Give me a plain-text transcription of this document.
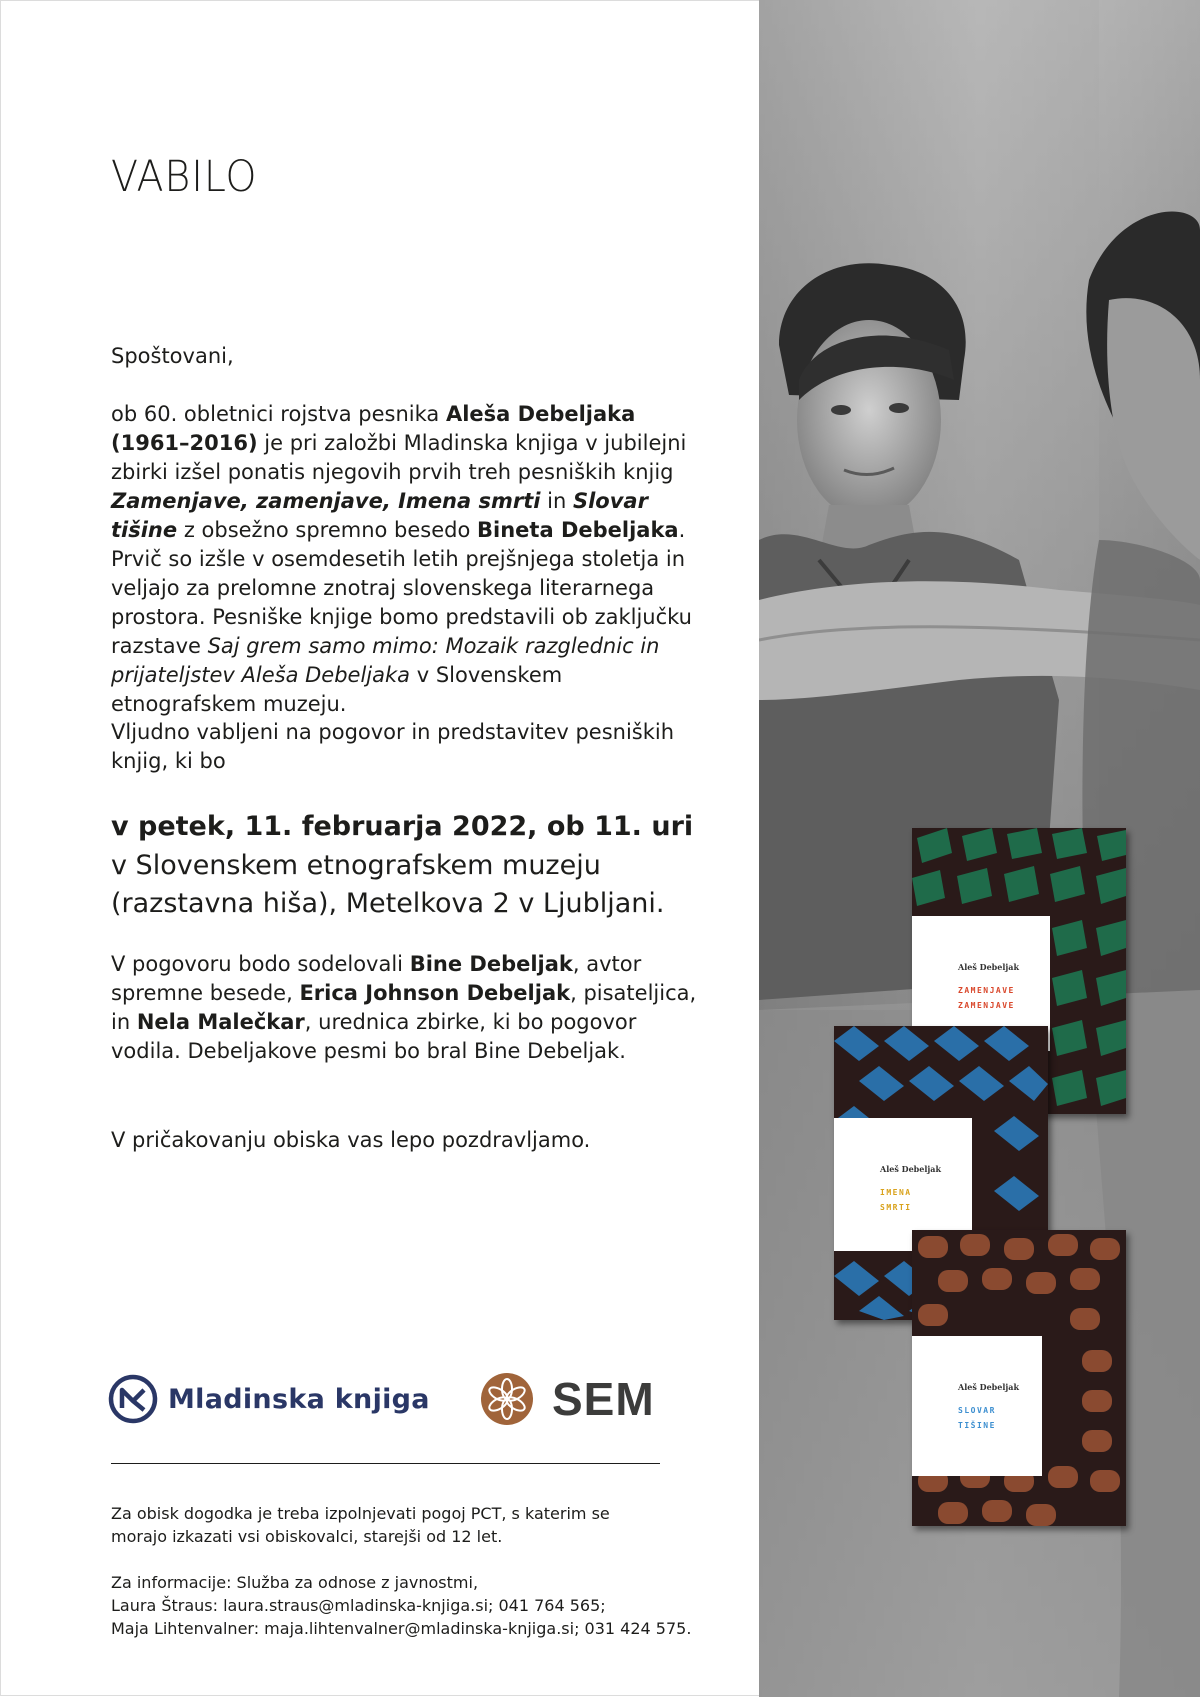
VABILO
Spoštovani,
ob 60. obletnici rojstva pesnika Aleša Debeljaka
(1961–2016) je pri založbi Mladinska knjiga v jubilejni zbirki izšel ponatis njegovih prvih treh pesniških knjig Zamenjave, zamenjave, Imena smrti in Slovar tišine z obsežno spremno besedo Bineta Debeljaka. Prvič so izšle v osemdesetih letih prejšnjega stoletja in veljajo za prelomne znotraj slovenskega literarnega prostora. Pesniške knjige bomo predstavili ob zaključku razstave Saj grem samo mimo: Mozaik razglednic in prijateljstev Aleša Debeljaka v Slovenskem etnografskem muzeju.
Vljudno vabljeni na pogovor in predstavitev pesniških knjig, ki bo
v petek, 11. februarja 2022, ob 11. uri
v Slovenskem etnografskem muzeju
(razstavna hiša), Metelkova 2 v Ljubljani.
V pogovoru bodo sodelovali Bine Debeljak, avtor spremne besede, Erica Johnson Debeljak, pisateljica, in Nela Malečkar, urednica zbirke, ki bo pogovor vodila. Debeljakove pesmi bo bral Bine Debeljak.
V pričakovanju obiska vas lepo pozdravljamo.
Mladinska knjiga	SEM
Za obisk dogodka je treba izpolnjevati pogoj PCT, s katerim se
morajo izkazati vsi obiskovalci, starejši od 12 let.
Za informacije: Služba za odnose z javnostmi,
Laura Štraus: laura.straus@mladinska-knjiga.si; 041 764 565;
Maja Lihtenvalner: maja.lihtenvalner@mladinska-knjiga.si; 031 424 575.
Aleš Debeljak
ZAMENJAVE
ZAMENJAVE
Aleš Debeljak
IMENA
SMRTI
Aleš Debeljak
SLOVAR
TIŠINE
